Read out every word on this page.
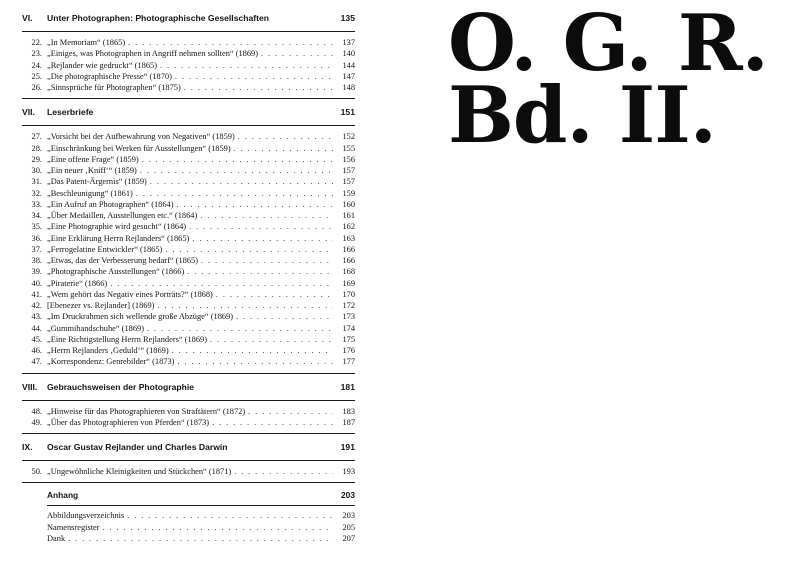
VI. Unter Photographen: Photographische Gesellschaften	135
22. „In Memoriam“ (1865) . . .	137
23. „Einiges, was Photographen in Angriff nehmen sollten“ (1869) . . .	140
24. „Rejlander wie gedruckt“ (1865) . . .	144
25. „Die photographische Presse“ (1870) . . .	147
26. „Sinnsprüche für Photographen“ (1875) . . .	148
VII. Leserbriefe	151
27. „Vorsicht bei der Aufbewahrung von Negativen“ (1859) . . .	152
28. „Einschränkung bei Werken für Ausstellungen“ (1859) . . .	155
29. „Eine offene Frage“ (1859) . . .	156
30. „Ein neuer ‚Kniff‘“ (1859) . . .	157
31. „Das Patent-Ärgernis“ (1859) . . .	157
32. „Beschleunigung“ (1861) . . .	159
33. „Ein Aufruf an Photographen“ (1864) . . .	160
34. „Über Medaillen, Ausstellungen etc.“ (1864) . . .	161
35. „Eine Photographie wird gesucht“ (1864) . . .	162
36. „Eine Erklärung Herrn Rejlanders“ (1865) . . .	163
37. „Ferrogelatine Entwickler“ (1865) . . .	166
38. „Etwas, das der Verbesserung bedarf“ (1865) . . .	166
39. „Photographische Ausstellungen“ (1866) . . .	168
40. „Piraterie“ (1866) . . .	169
41. „Wem gehört das Negativ eines Porträts?“ (1868) . . .	170
42. [Ebenezer vs. Rejlander] (1869) . . .	172
43. „Im Druckrahmen sich wellende große Abzüge“ (1869) . . .	173
44. „Gummihandschuhe“ (1869) . . .	174
45. „Eine Richtigstellung Herrn Rejlanders“ (1869) . . .	175
46. „Herrn Rejlanders ‚Geduld‘“ (1869) . . .	176
47. „Korrespondenz: Genrebilder“ (1873) . . .	177
VIII. Gebrauchsweisen der Photographie	181
48. „Hinweise für das Photographieren von Straftätern“ (1872) . . .	183
49. „Über das Photographieren von Pferden“ (1873) . . .	187
IX. Oscar Gustav Rejlander und Charles Darwin	191
50. „Ungewöhnliche Kleinigkeiten und Stückchen“ (1871) . . .	193
Anhang	203
Abbildungsverzeichnis . . .	203
Namensregister . . .	205
Dank . . .	207
O. G. R.
Bd. II.
